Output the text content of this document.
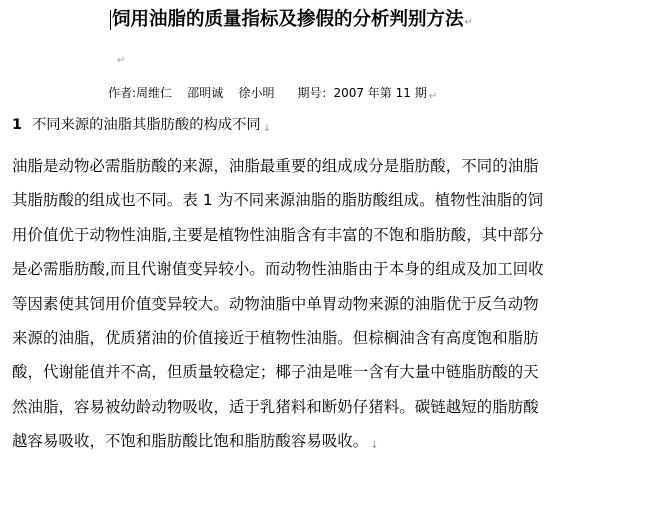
饲用油脂的质量指标及掺假的分析判别方法 ↵
↵
作者:周维仁    邵明诚    徐小明      期号：2007 年第 11 期 ↵
1 不同来源的油脂其脂肪酸的构成不同 ↓
油脂是动物必需脂肪酸的来源，油脂最重要的组成成分是脂肪酸，不同的油脂
其脂肪酸的组成也不同。表 1 为不同来源油脂的脂肪酸组成。植物性油脂的饲
用价值优于动物性油脂,主要是植物性油脂含有丰富的不饱和脂肪酸，其中部分
是必需脂肪酸,而且代谢值变异较小。而动物性油脂由于本身的组成及加工回收
等因素使其饲用价值变异较大。动物油脂中单胃动物来源的油脂优于反刍动物
来源的油脂，优质猪油的价值接近于植物性油脂。但棕榈油含有高度饱和脂肪
酸，代谢能值并不高，但质量较稳定；椰子油是唯一含有大量中链脂肪酸的天
然油脂，容易被幼龄动物吸收，适于乳猪料和断奶仔猪料。碳链越短的脂肪酸
越容易吸收，不饱和脂肪酸比饱和脂肪酸容易吸收。 ↓
